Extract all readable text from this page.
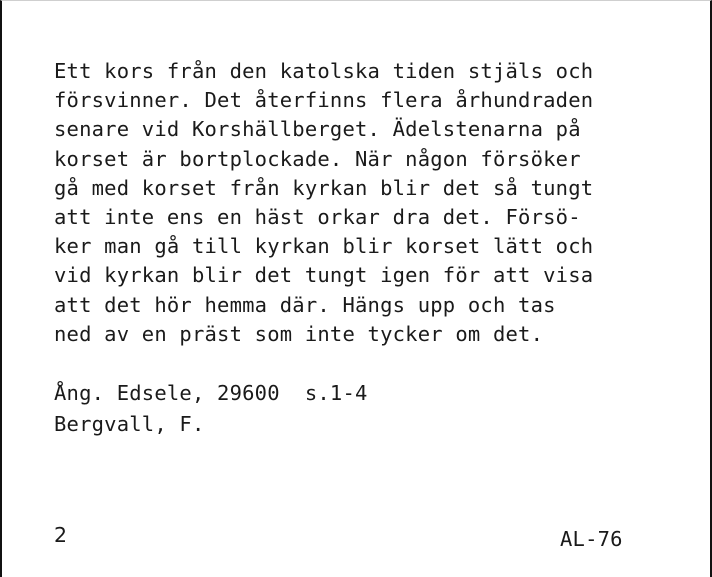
Ett kors från den katolska tiden stjäls och
försvinner. Det återfinns flera århundraden
senare vid Korshällberget. Ädelstenarna på
korset är bortplockade. När någon försöker
gå med korset från kyrkan blir det så tungt
att inte ens en häst orkar dra det. Försö-
ker man gå till kyrkan blir korset lätt och
vid kyrkan blir det tungt igen för att visa
att det hör hemma där. Hängs upp och tas
ned av en präst som inte tycker om det.
Ång. Edsele, 29600  s.1-4
Bergvall, F.
2	AL-76
